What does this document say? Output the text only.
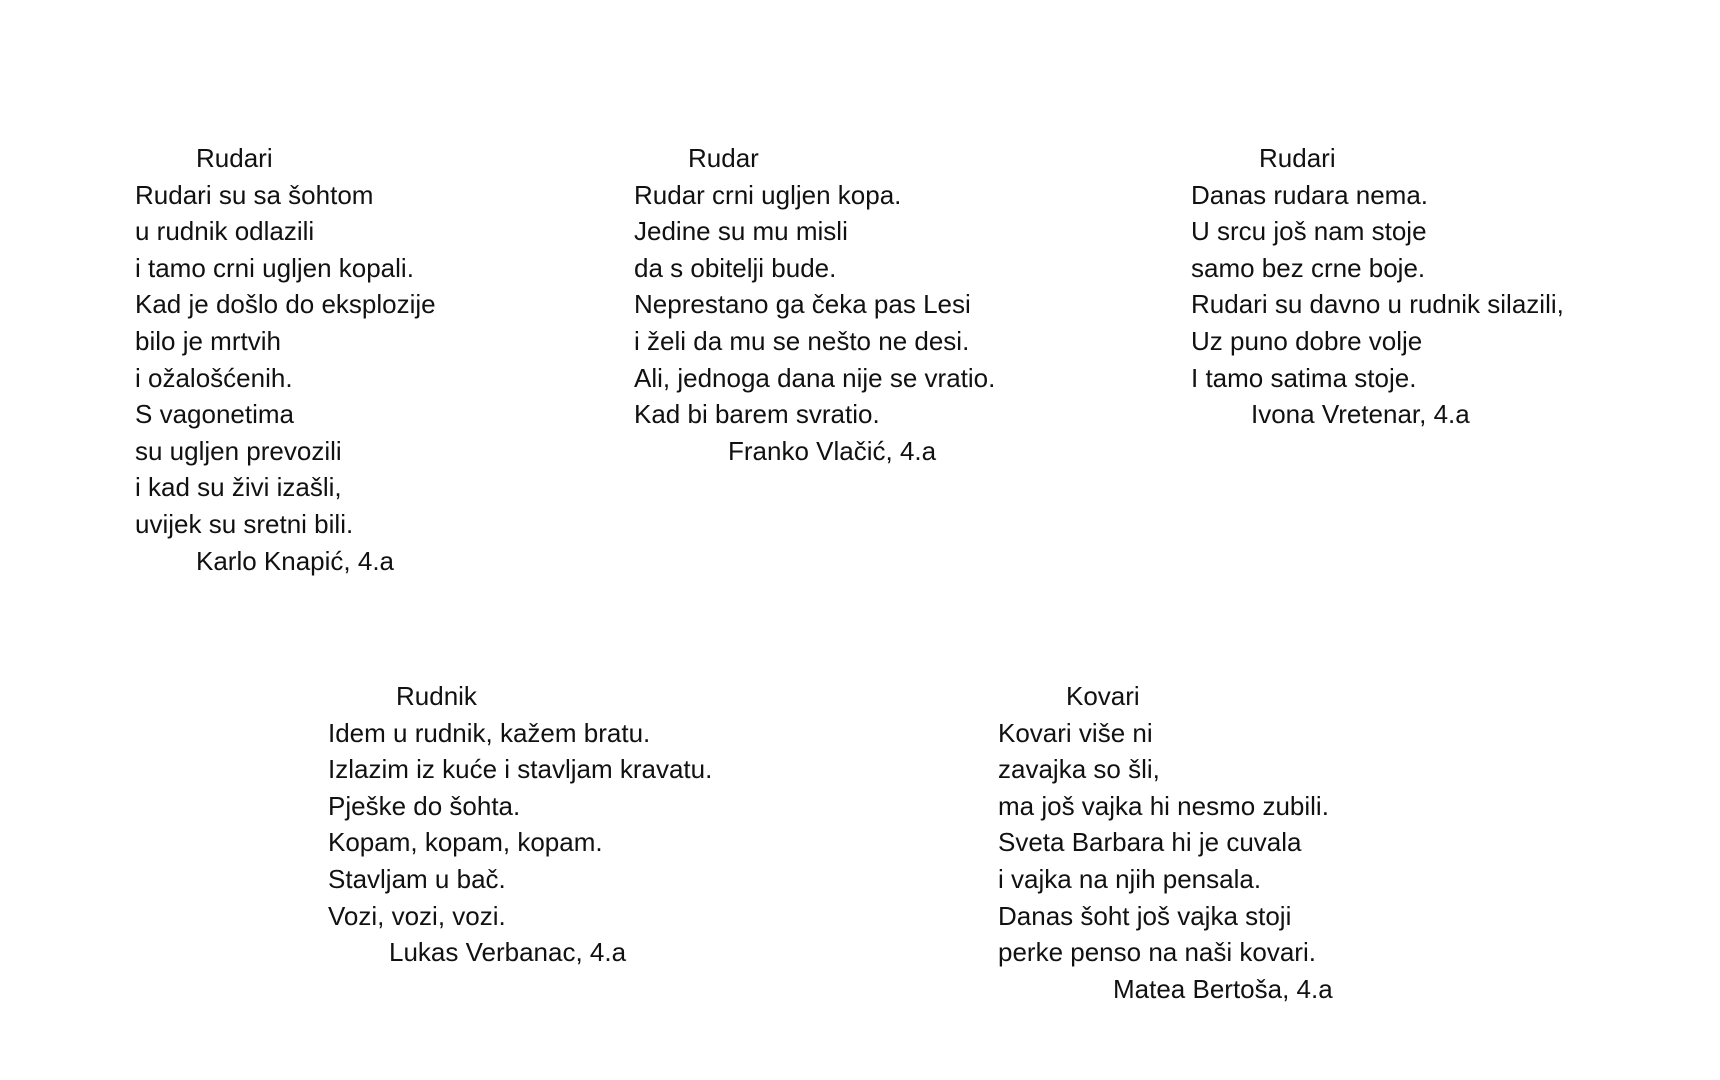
Rudari
Rudari su sa šohtom
u rudnik odlazili
i tamo crni ugljen kopali.
Kad je došlo do eksplozije
bilo je mrtvih
i ožalošćenih.
S vagonetima
su ugljen prevozili
i kad su živi izašli,
uvijek su sretni bili.
Karlo Knapić, 4.a
Rudar
Rudar crni ugljen kopa.
Jedine su mu misli
da s obitelji bude.
Neprestano ga čeka pas Lesi
i želi da mu se nešto ne desi.
Ali, jednoga dana nije se vratio.
Kad bi barem svratio.
Franko Vlačić, 4.a
Rudari
Danas rudara nema.
U srcu još nam stoje
samo bez crne boje.
Rudari su davno u rudnik silazili,
Uz puno dobre volje
I tamo satima stoje.
Ivona Vretenar, 4.a
Rudnik
Idem u rudnik, kažem bratu.
Izlazim iz kuće i stavljam kravatu.
Pješke do šohta.
Kopam, kopam, kopam.
Stavljam u bač.
Vozi, vozi, vozi.
Lukas Verbanac, 4.a
Kovari
Kovari više ni
zavajka so šli,
ma još vajka hi nesmo zubili.
Sveta Barbara hi je cuvala
i vajka na njih pensala.
Danas šoht još vajka stoji
perke penso na naši kovari.
Matea Bertoša, 4.a
